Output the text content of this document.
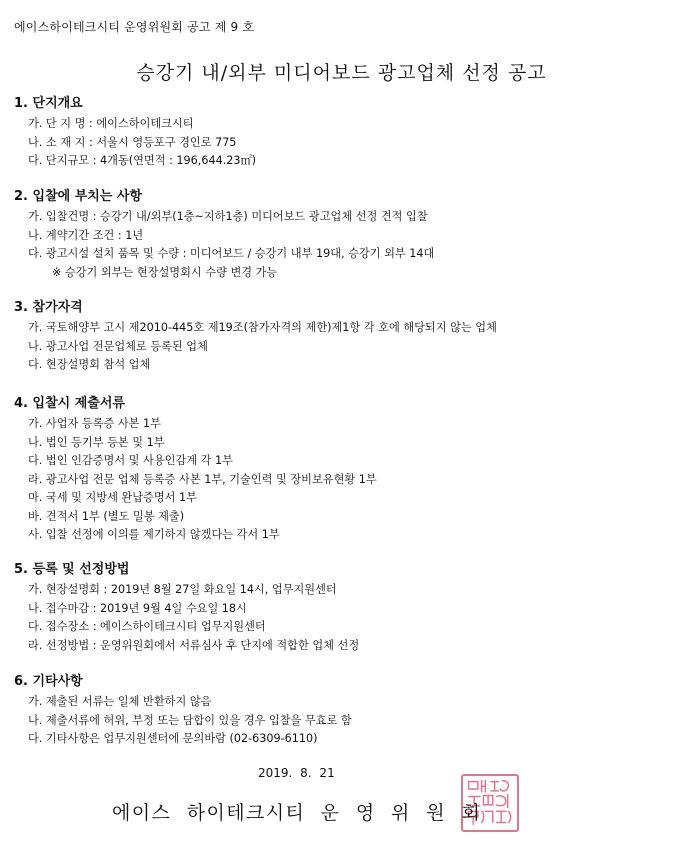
에이스하이테크시티 운영위원회 공고 제 9 호
승강기 내/외부 미디어보드 광고업체 선정 공고
1. 단지개요
가. 단 지 명 : 에이스하이테크시티
나. 소 재 지 : 서울시 영등포구 경인로 775
다. 단지규모 : 4개동(연면적 : 196,644.23㎡)
2. 입찰에 부치는 사항
가. 입찰건명 : 승강기 내/외부(1층~지하1층) 미디어보드 광고업체 선정 견적 입찰
나. 계약기간 조건 : 1년
다. 광고시설 설치 품목 및 수량 : 미디어보드 / 승강기 내부 19대, 승강기 외부 14대
※ 승강기 외부는 현장설명회시 수량 변경 가능
3. 참가자격
가. 국토해양부 고시 제2010-445호 제19조(참가자격의 제한)제1항 각 호에 해당되지 않는 업체
나. 광고사업 전문업체로 등록된 업체
다. 현장설명회 참석 업체
4. 입찰시 제출서류
가. 사업자 등록증 사본 1부
나. 법인 등기부 등본 및 1부
다. 법인 인감증명서 및 사용인감계 각 1부
라. 광고사업 전문 업체 등록증 사본 1부, 기술인력 및 장비보유현황 1부
마. 국세 및 지방세 완납증명서 1부
바. 견적서 1부 (별도 밀봉 제출)
사. 입찰 선정에 이의를 제기하지 않겠다는 각서 1부
5. 등록 및 선정방법
가. 현장설명회 : 2019년 8월 27일 화요일 14시, 업무지원센터
나. 접수마감 : 2019년 9월 4일 수요일 18시
다. 접수장소 : 에이스하이테크시티 업무지원센터
라. 선정방법 : 운영위원회에서 서류심사 후 단지에 적합한 업체 선정
6. 기타사항
가. 제출된 서류는 일체 반환하지 않음
나. 제출서류에 허위, 부정 또는 담합이 있을 경우 입찰을 무효로 함
다. 기타사항은 업무지원센터에 문의바람 (02-6309-6110)
2019. 8. 21
에이스 하이테크시티 운 영 위 원 회
